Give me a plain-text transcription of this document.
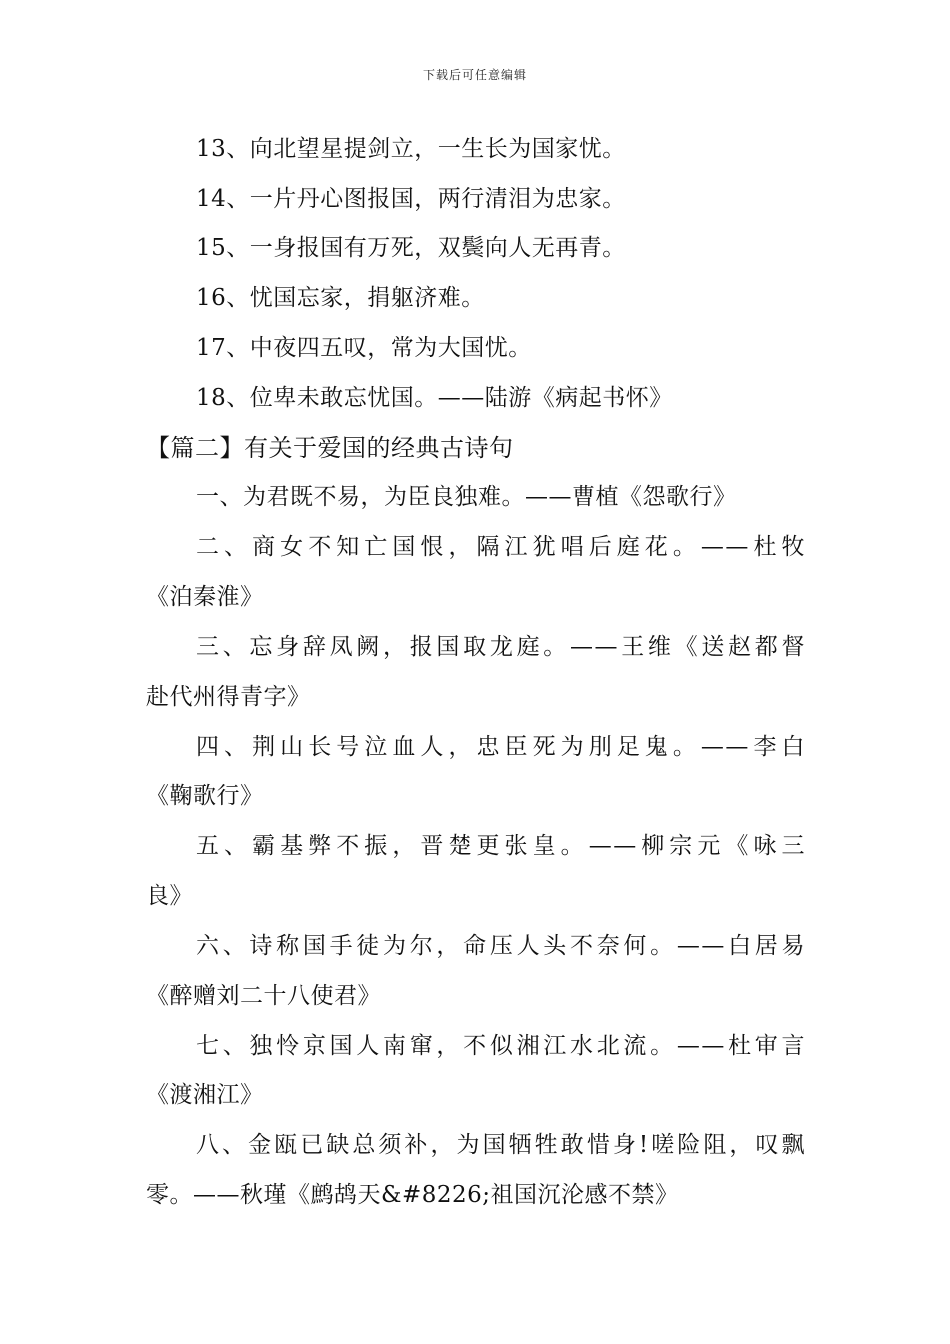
下载后可任意编辑
13、向北望星提剑立，一生长为国家忧。
14、一片丹心图报国，两行清泪为忠家。
15、一身报国有万死，双鬓向人无再青。
16、忧国忘家，捐躯济难。
17、中夜四五叹，常为大国忧。
18、位卑未敢忘忧国。——陆游《病起书怀》
【篇二】有关于爱国的经典古诗句
一、为君既不易，为臣良独难。——曹植《怨歌行》
二、商女不知亡国恨，隔江犹唱后庭花。——杜牧
《泊秦淮》
三、忘身辞凤阙，报国取龙庭。——王维《送赵都督
赴代州得青字》
四、荆山长号泣血人，忠臣死为刖足鬼。——李白
《鞠歌行》
五、霸基弊不振，晋楚更张皇。——柳宗元《咏三
良》
六、诗称国手徒为尔，命压人头不奈何。——白居易
《醉赠刘二十八使君》
七、独怜京国人南窜，不似湘江水北流。——杜审言
《渡湘江》
八、金瓯已缺总须补，为国牺牲敢惜身!嗟险阻，叹飘
零。——秋瑾《鹧鸪天&#8226;祖国沉沦感不禁》
